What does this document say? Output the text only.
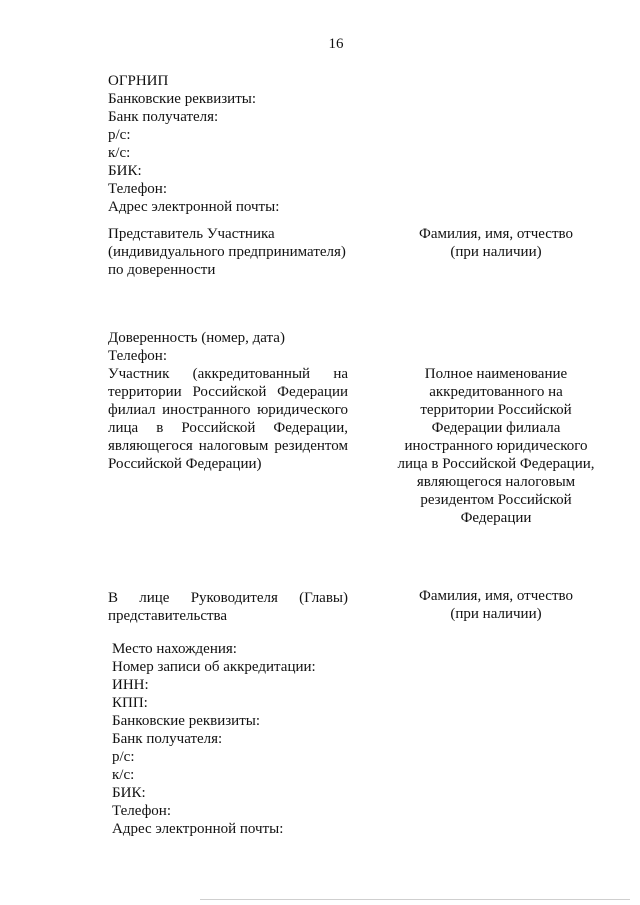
16
ОГРНИП
Банковские реквизиты:
Банк получателя:
р/с:
к/с:
БИК:
Телефон:
Адрес электронной почты:
Представитель Участника
(индивидуального предпринимателя)
по доверенности
Фамилия, имя, отчество
(при наличии)
Доверенность (номер, дата)
Телефон:
Участник (аккредитованный на
территории Российской Федерации
филиал иностранного юридического
лица в Российской Федерации,
являющегося налоговым резидентом
Российской Федерации)
Полное наименование
аккредитованного на
территории Российской
Федерации филиала
иностранного юридического
лица в Российской Федерации,
являющегося налоговым
резидентом Российской
Федерации
В лице Руководителя (Главы)
представительства
Фамилия, имя, отчество
(при наличии)
Место нахождения:
Номер записи об аккредитации:
ИНН:
КПП:
Банковские реквизиты:
Банк получателя:
р/с:
к/с:
БИК:
Телефон:
Адрес электронной почты:
